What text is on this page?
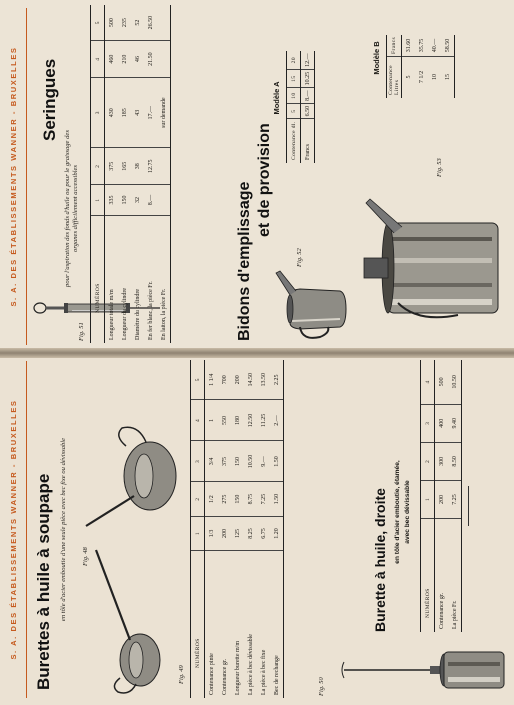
S. A. DES ÉTABLISSEMENTS WANNER - BRUXELLES
Fig. 51
pour l'aspiration des fonds d'huile ou pour le graissage des organes difficilement accessibles
Seringues
NUMÉROS	1	2	3	4	5
Longueur totale m/m	335	375	430	460	500
Longueur du cylindre	150	165	185	210	235
Diamètre du cylindre	32	38	43	46	52
En fer blanc, la pièce Fr.	8.—	12.75	17.—	21.50	26.50
En laiton, la pièce Fr.			sur demande		
Bidons d'emplissage
et de provision
Fig. 52
Modèle A
Contenance dl.	5	10	15	20
Francs	6.50	8.—	10.25	12.—
Fig. 53
Modèle B
Contenance Litres	Francs
5	31.60
7 1/2	35.75
10	40.—
15	58.50
S. A. DES ÉTABLISSEMENTS WANNER - BRUXELLES Burettes à huile à soupape en tôle d'acier emboutie d'une seule pièce avec bec fixe ou dévissable Fig. 48
Fig. 49
NUMÉROS	1	2	3	4	5
Contenance pinte	1/3	1/2	3/4	1	1 1/4
Contenance gr.	200	275	375	550	700
Longueur burette m/m	125	150	150	180	200
La pièce à bec dévissable	8.25	8.75	10.50	12.50	14.50
La pièce à bec fixe	6.75	7.25	9.—	11.25	13.50
Bec de rechange	1.20	1.50	1.50	2.—	2.25
Fig. 50
Burette à huile, droite en tôle d'acier emboutie, étamée, avec bec dévissable
NUMÉROS	1	2	3	4
Contenance gr.	200	300	400	500
La pièce Fr.	7.25	8.50	9.40	10.50
